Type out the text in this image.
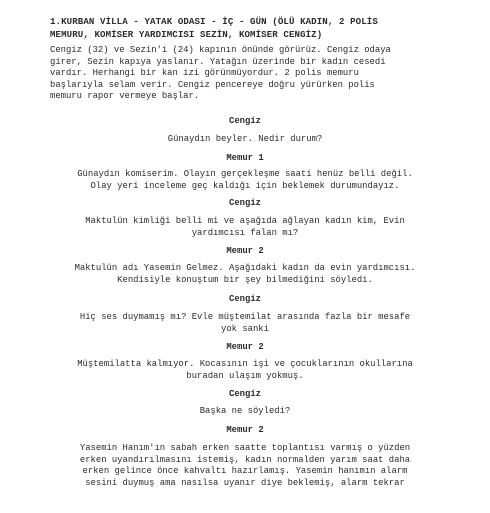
1.KURBAN VİLLA - YATAK ODASI - İÇ - GÜN (ÖLÜ KADIN, 2 POLİS
MEMURU, KOMİSER YARDIMCISI SEZİN, KOMİSER CENGİZ)
Cengiz (32) ve Sezin'i (24) kapının önünde görürüz. Cengiz odaya
girer, Sezin kapıya yaslanır. Yatağın üzerinde bir kadın cesedi
vardır. Herhangi bir kan izi görünmüyordur. 2 polis memuru
başlarıyla selam verir. Cengiz pencereye doğru yürürken polis
memuru rapor vermeye başlar.
Cengiz
Günaydın beyler. Nedir durum?
Memur 1
Günaydın komiserim. Olayın gerçekleşme saati henüz belli değil.
Olay yeri inceleme geç kaldığı için beklemek durumundayız.
Cengiz
Maktulün kimliği belli mi ve aşağıda ağlayan kadın kim, Evin
yardımcısı falan mı?
Memur 2
Maktulün adı Yasemin Gelmez. Aşağıdaki kadın da evin yardımcısı.
Kendisiyle konuştum bir şey bilmediğini söyledi.
Cengiz
Hiç ses duymamış mı? Evle müştemilat arasında fazla bir mesafe
yok sanki
Memur 2
Müştemilatta kalmıyor. Kocasının işi ve çocuklarının okullarına
buradan ulaşım yokmuş.
Cengiz
Başka ne söyledi?
Memur 2
Yasemin Hanım'ın sabah erken saatte toplantısı varmış o yüzden
erken uyandırılmasını istemiş, kadın normalden yarım saat daha
erken gelince önce kahvaltı hazırlamış. Yasemin hanımın alarm
sesini duymuş ama nasılsa uyanır diye beklemiş, alarm tekrar
